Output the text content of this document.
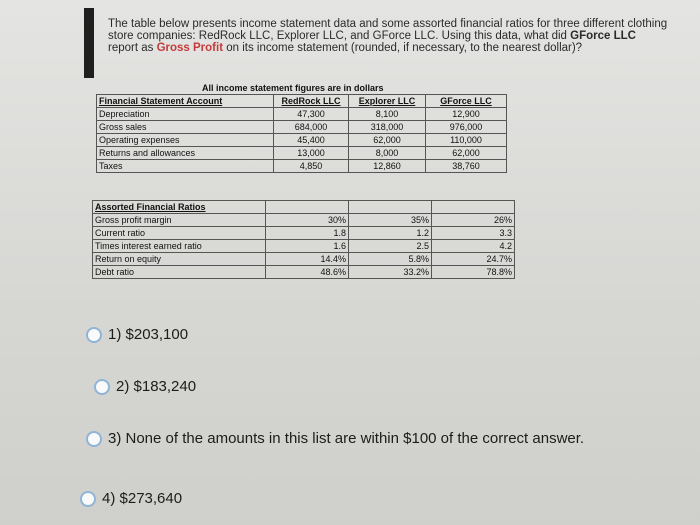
The table below presents income statement data and some assorted financial ratios for three different clothing store companies: RedRock LLC, Explorer LLC, and GForce LLC. Using this data, what did GForce LLC report as Gross Profit on its income statement (rounded, if necessary, to the nearest dollar)?
All income statement figures are in dollars
Financial Statement Account	RedRock LLC	Explorer LLC	GForce LLC
Depreciation	47,300	8,100	12,900
Gross sales	684,000	318,000	976,000
Operating expenses	45,400	62,000	110,000
Returns and allowances	13,000	8,000	62,000
Taxes	4,850	12,860	38,760
Assorted Financial Ratios			
Gross profit margin	30%	35%	26%
Current ratio	1.8	1.2	3.3
Times interest earned ratio	1.6	2.5	4.2
Return on equity	14.4%	5.8%	24.7%
Debt ratio	48.6%	33.2%	78.8%
1) $203,100
2) $183,240
3) None of the amounts in this list are within $100 of the correct answer.
4) $273,640
